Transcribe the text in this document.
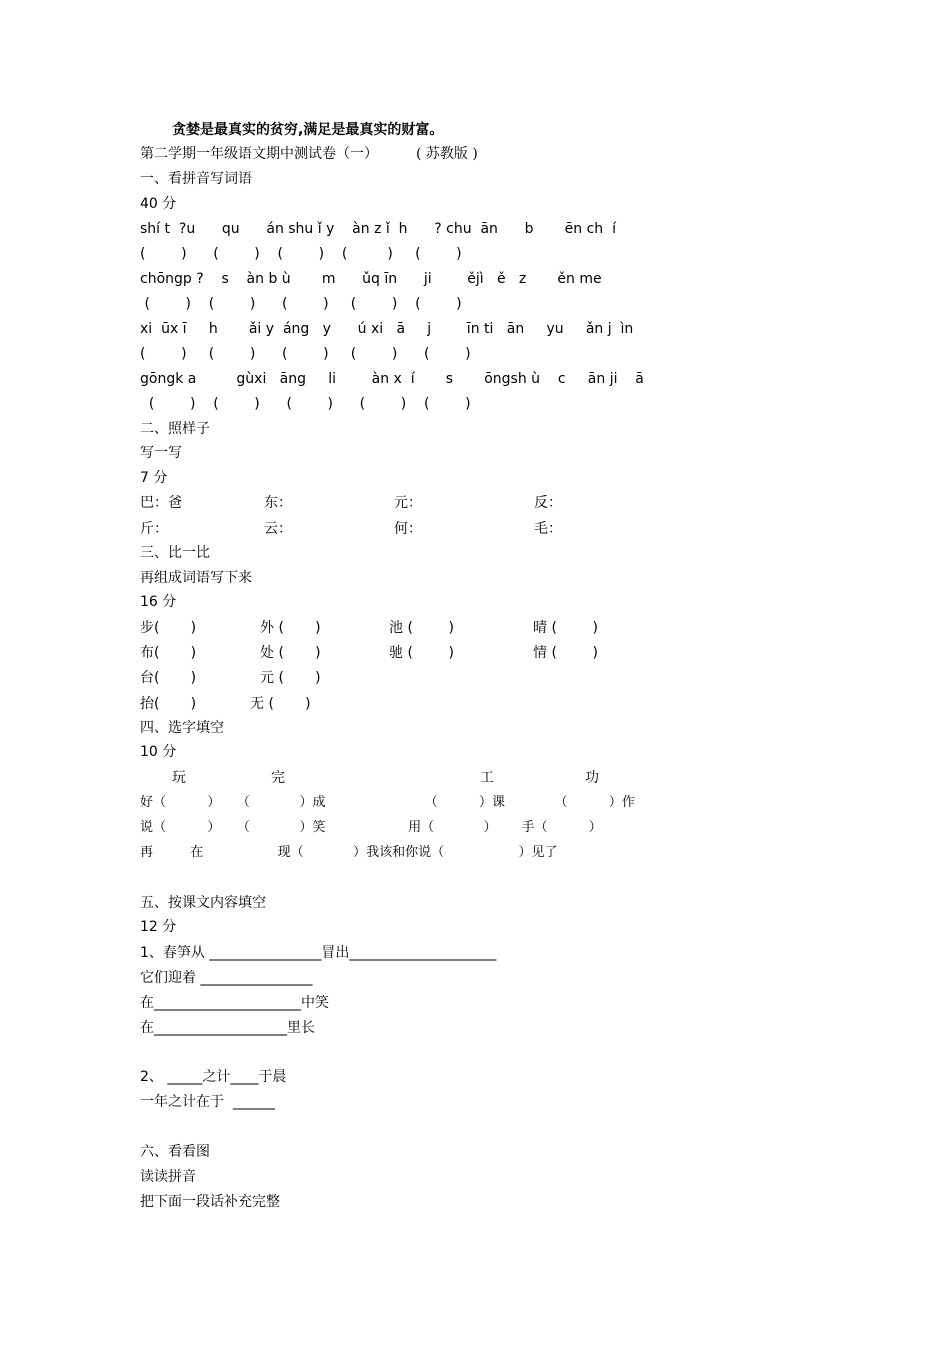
贪婪是最真实的贫穷,满足是最真实的财富。
第二学期一年级语文期中测试卷（一）	( 苏教版 )
一、看拼音写词语
40 分
shí t  ?u      qu      án shu ǐ y    àn z ǐ  h      ? chu  ān      b       ēn ch  í
(        )      (        )    (        )    (         )     (        )
chōngp ?    s    àn b ù       m      ǔq īn      ji        ějì   ě   z       ěn me
(        )    (        )      (        )     (        )    (        )
xi  ūx ī     h       ǎi y  áng   y      ú xi   ā     j        īn ti   ān     yu     ǎn j  ìn
(        )     (        )      (        )     (        )      (        )
gōngk a         gùxi   āng     li        àn x  í       s       ōngsh ù    c     ān ji    ā
(        )    (        )      (        )      (        )    (        )
二、照样子
写一写
7 分
巴：爸	东：	元：	反：
斤：	云：	何：	毛：
三、比一比
再组成词语写下来
16 分
步(       )	外 (       )	池 (        )	晴 (        )
布(       )	处 (       )	驰 (        )	情 (        )
台(       )	元 (       )
抬(       )	无 (       )
四、选字填空
10 分
玩	完	工	功
好（          ）    （            ）成                        （          ）课            （          ）作
说（          ）    （            ）笑                    用（            ）      手（          ）
再         在                  现（            ）我该和你说（                  ）见了
五、按课文内容填空
12 分
1、春笋从 ________________冒出_____________________
它们迎着 ________________
在_____________________中笑
在___________________里长
2、 _____之计____于晨
一年之计在于  ______
六、看看图
读读拼音
把下面一段话补充完整
